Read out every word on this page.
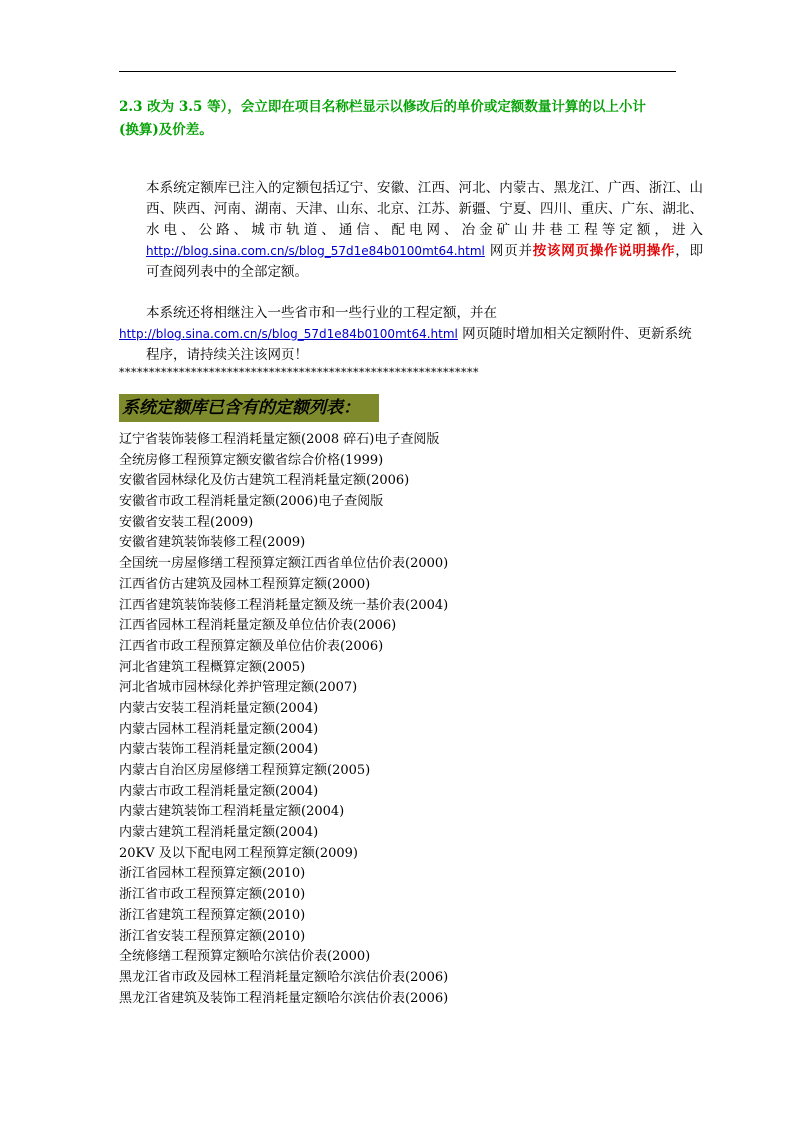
2.3 改为 3.5 等），会立即在项目名称栏显示以修改后的单价或定额数量计算的以上小计
(换算)及价差。
本系统定额库已注入的定额包括辽宁、安徽、江西、河北、内蒙古、黑龙江、广西、浙江、山西、陕西、河南、湖南、天津、山东、北京、江苏、新疆、宁夏、四川、重庆、广东、湖北、水电、公路、城市轨道、通信、配电网、冶金矿山井巷工程等定额，进入http://blog.sina.com.cn/s/blog_57d1e84b0100mt64.html 网页并按该网页操作说明操作，即可查阅列表中的全部定额。
本系统还将相继注入一些省市和一些行业的工程定额，并在
http://blog.sina.com.cn/s/blog_57d1e84b0100mt64.html 网页随时增加相关定额附件、更新系统程序，请持续关注该网页！
************************************************************
系统定额库已含有的定额列表：
辽宁省装饰装修工程消耗量定额(2008 碎石)电子查阅版
全统房修工程预算定额安徽省综合价格(1999)
安徽省园林绿化及仿古建筑工程消耗量定额(2006)
安徽省市政工程消耗量定额(2006)电子查阅版
安徽省安装工程(2009)
安徽省建筑装饰装修工程(2009)
全国统一房屋修缮工程预算定额江西省单位估价表(2000)
江西省仿古建筑及园林工程预算定额(2000)
江西省建筑装饰装修工程消耗量定额及统一基价表(2004)
江西省园林工程消耗量定额及单位估价表(2006)
江西省市政工程预算定额及单位估价表(2006)
河北省建筑工程概算定额(2005)
河北省城市园林绿化养护管理定额(2007)
内蒙古安装工程消耗量定额(2004)
内蒙古园林工程消耗量定额(2004)
内蒙古装饰工程消耗量定额(2004)
内蒙古自治区房屋修缮工程预算定额(2005)
内蒙古市政工程消耗量定额(2004)
内蒙古建筑装饰工程消耗量定额(2004)
内蒙古建筑工程消耗量定额(2004)
20KV 及以下配电网工程预算定额(2009)
浙江省园林工程预算定额(2010)
浙江省市政工程预算定额(2010)
浙江省建筑工程预算定额(2010)
浙江省安装工程预算定额(2010)
全统修缮工程预算定额哈尔滨估价表(2000)
黑龙江省市政及园林工程消耗量定额哈尔滨估价表(2006)
黑龙江省建筑及装饰工程消耗量定额哈尔滨估价表(2006)
